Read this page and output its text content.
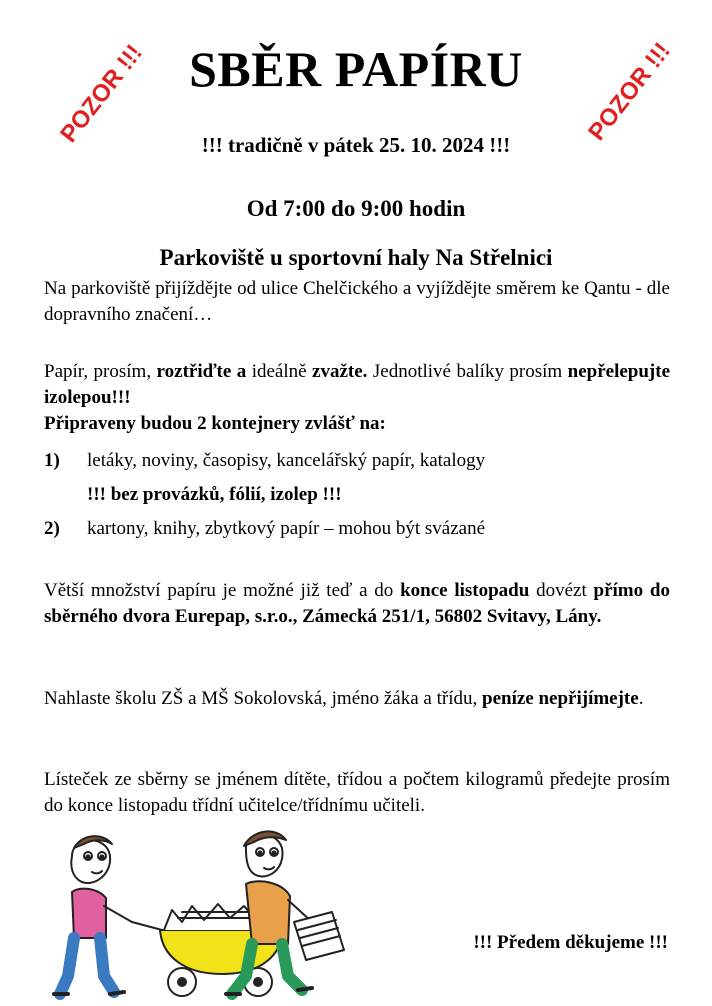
SBĚR PAPÍRU
POZOR !!!	POZOR !!!
!!! tradičně v pátek 25. 10. 2024 !!!
Od 7:00 do 9:00 hodin
Parkoviště u sportovní haly Na Střelnici
Na parkoviště přijíždějte od ulice Chelčického a vyjíždějte směrem ke Qantu - dle dopravního značení…
Papír, prosím, roztřiďte a ideálně zvažte. Jednotlivé balíky prosím nepřelepujte izolepou!!!
Připraveny budou 2 kontejnery zvlášť na:
1) letáky, noviny, časopisy, kancelářský papír, katalogy
!!! bez provázků, fólií, izolep !!!
2) kartony, knihy, zbytkový papír – mohou být svázané
Větší množství papíru je možné již teď a do konce listopadu dovézt přímo do sběrného dvora Eurepap, s.r.o., Zámecká 251/1, 56802 Svitavy, Lány.
Nahlaste školu ZŠ a MŠ Sokolovská, jméno žáka a třídu, peníze nepřijímejte.
Lísteček ze sběrny se jménem dítěte, třídou a počtem kilogramů předejte prosím do konce listopadu třídní učitelce/třídnímu učiteli.
!!! Předem děkujeme !!!
